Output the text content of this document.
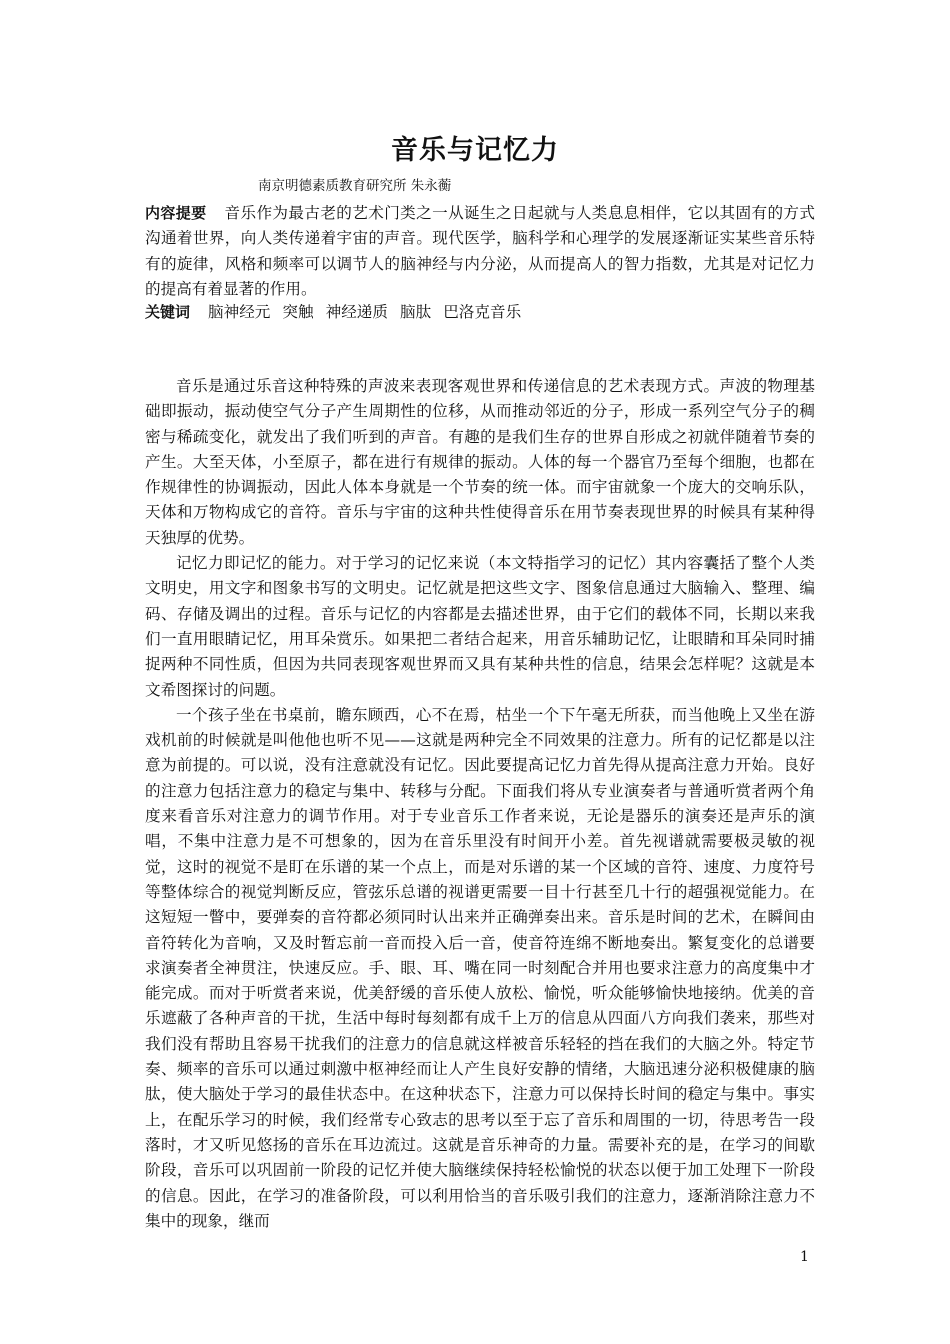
音乐与记忆力
南京明德素质教育研究所 朱永蘅
内容提要 音乐作为最古老的艺术门类之一从诞生之日起就与人类息息相伴，它以其固有的方式沟通着世界，向人类传递着宇宙的声音。现代医学，脑科学和心理学的发展逐渐证实某些音乐特有的旋律，风格和频率可以调节人的脑神经与内分泌，从而提高人的智力指数，尤其是对记忆力的提高有着显著的作用。
关键词 脑神经元 突触 神经递质 脑肽 巴洛克音乐

音乐是通过乐音这种特殊的声波来表现客观世界和传递信息的艺术表现方式。声波的物理基础即振动，振动使空气分子产生周期性的位移，从而推动邻近的分子，形成一系列空气分子的稠密与稀疏变化，就发出了我们听到的声音。有趣的是我们生存的世界自形成之初就伴随着节奏的产生。大至天体，小至原子，都在进行有规律的振动。人体的每一个器官乃至每个细胞，也都在作规律性的协调振动，因此人体本身就是一个节奏的统一体。而宇宙就象一个庞大的交响乐队，天体和万物构成它的音符。音乐与宇宙的这种共性使得音乐在用节奏表现世界的时候具有某种得天独厚的优势。

记忆力即记忆的能力。对于学习的记忆来说（本文特指学习的记忆）其内容囊括了整个人类文明史，用文字和图象书写的文明史。记忆就是把这些文字、图象信息通过大脑输入、整理、编码、存储及调出的过程。音乐与记忆的内容都是去描述世界，由于它们的载体不同，长期以来我们一直用眼睛记忆，用耳朵赏乐。如果把二者结合起来，用音乐辅助记忆，让眼睛和耳朵同时捕捉两种不同性质，但因为共同表现客观世界而又具有某种共性的信息，结果会怎样呢？这就是本文希图探讨的问题。

一个孩子坐在书桌前，瞻东顾西，心不在焉，枯坐一个下午毫无所获，而当他晚上又坐在游戏机前的时候就是叫他他也听不见——这就是两种完全不同效果的注意力。所有的记忆都是以注意为前提的。可以说，没有注意就没有记忆。因此要提高记忆力首先得从提高注意力开始。良好的注意力包括注意力的稳定与集中、转移与分配。下面我们将从专业演奏者与普通听赏者两个角度来看音乐对注意力的调节作用。对于专业音乐工作者来说，无论是器乐的演奏还是声乐的演唱，不集中注意力是不可想象的，因为在音乐里没有时间开小差。首先视谱就需要极灵敏的视觉，这时的视觉不是盯在乐谱的某一个点上，而是对乐谱的某一个区域的音符、速度、力度符号等整体综合的视觉判断反应，管弦乐总谱的视谱更需要一目十行甚至几十行的超强视觉能力。在这短短一瞥中，要弹奏的音符都必须同时认出来并正确弹奏出来。音乐是时间的艺术，在瞬间由音符转化为音响，又及时暂忘前一音而投入后一音，使音符连绵不断地奏出。繁复变化的总谱要求演奏者全神贯注，快速反应。手、眼、耳、嘴在同一时刻配合并用也要求注意力的高度集中才能完成。而对于听赏者来说，优美舒缓的音乐使人放松、愉悦，听众能够愉快地接纳。优美的音乐遮蔽了各种声音的干扰，生活中每时每刻都有成千上万的信息从四面八方向我们袭来，那些对我们没有帮助且容易干扰我们的注意力的信息就这样被音乐轻轻的挡在我们的大脑之外。特定节奏、频率的音乐可以通过刺激中枢神经而让人产生良好安静的情绪，大脑迅速分泌积极健康的脑肽，使大脑处于学习的最佳状态中。在这种状态下，注意力可以保持长时间的稳定与集中。事实上，在配乐学习的时候，我们经常专心致志的思考以至于忘了音乐和周围的一切，待思考告一段落时，才又听见悠扬的音乐在耳边流过。这就是音乐神奇的力量。需要补充的是，在学习的间歇阶段，音乐可以巩固前一阶段的记忆并使大脑继续保持轻松愉悦的状态以便于加工处理下一阶段的信息。因此，在学习的准备阶段，可以利用恰当的音乐吸引我们的注意力，逐渐消除注意力不集中的现象，继而

1
